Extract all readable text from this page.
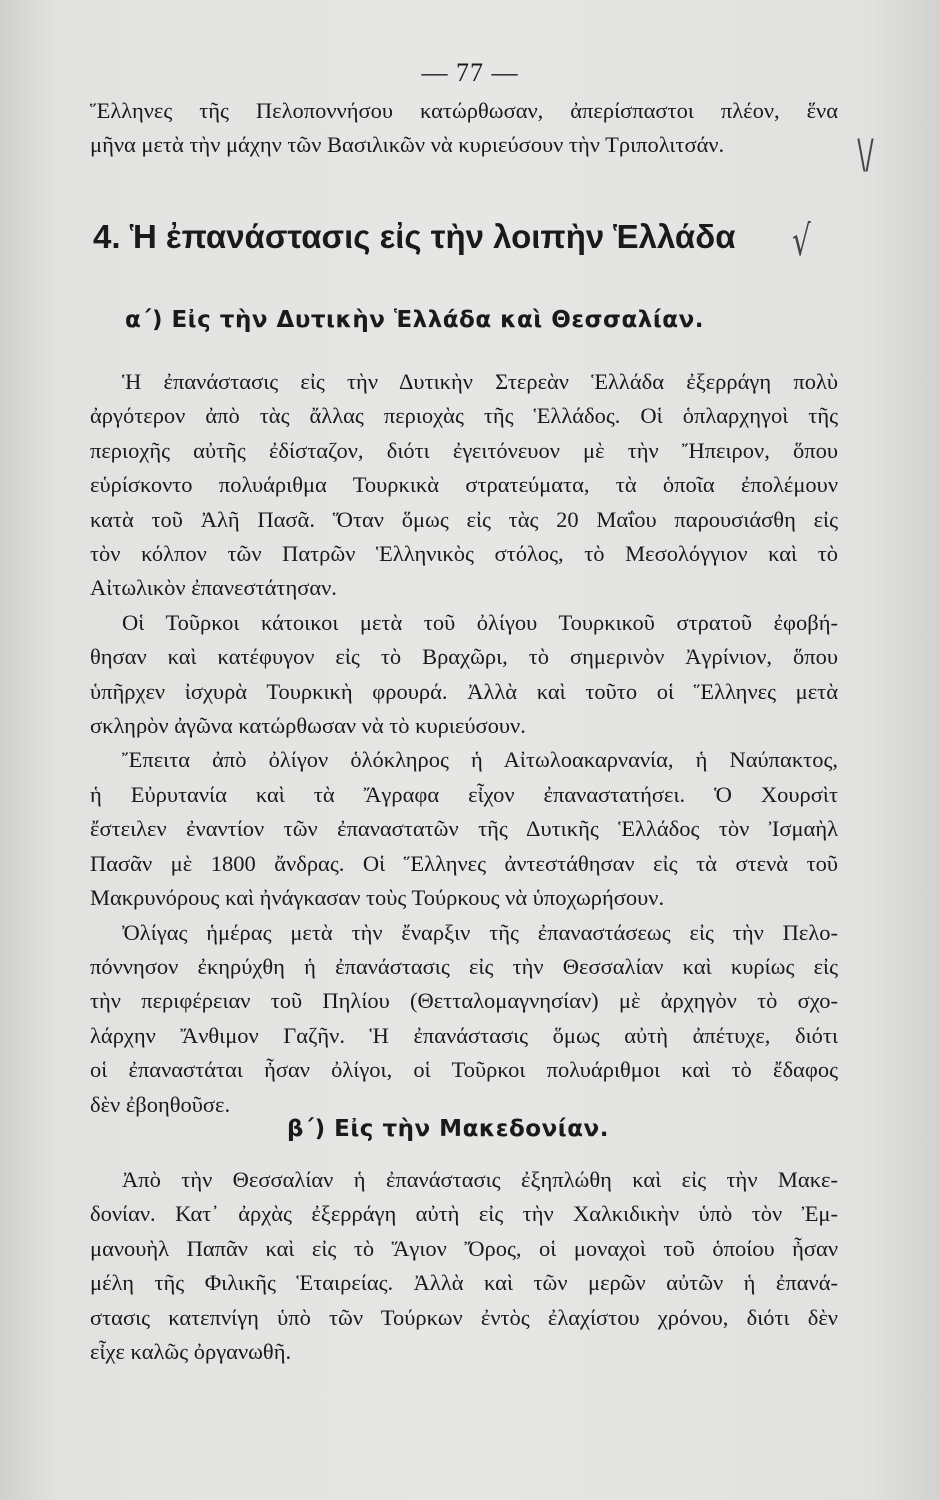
— 77 —

Ἕλληνες τῆς Πελοποννήσου κατώρθωσαν, ἀπερίσπαστοι πλέον, ἕνα
μῆνα μετὰ τὴν μάχην τῶν Βασιλικῶν νὰ κυριεύσουν τὴν Τριπολιτσάν.	\/
4. Ἡ ἐπανάστασις εἰς τὴν λοιπὴν Ἑλλάδα √
α΄) Εἰς τὴν Δυτικὴν Ἑλλάδα καὶ Θεσσαλίαν.

Ἡ ἐπανάστασις εἰς τὴν Δυτικὴν Στερεὰν Ἑλλάδα ἐξερράγη πολὺ
ἀργότερον ἀπὸ τὰς ἄλλας περιοχὰς τῆς Ἑλλάδος. Οἱ ὁπλαρχηγοὶ τῆς
περιοχῆς αὐτῆς ἐδίσταζον, διότι ἐγειτόνευον μὲ τὴν Ἤπειρον, ὅπου
εὑρίσκοντο πολυάριθμα Τουρκικὰ στρατεύματα, τὰ ὁποῖα ἐπολέμουν
κατὰ τοῦ Ἀλῆ Πασᾶ. Ὅταν ὅμως εἰς τὰς 20 Μαΐου παρουσιάσθη εἰς
τὸν κόλπον τῶν Πατρῶν Ἑλληνικὸς στόλος, τὸ Μεσολόγγιον καὶ τὸ
Αἰτωλικὸν ἐπανεστάτησαν.
Οἱ Τοῦρκοι κάτοικοι μετὰ τοῦ ὀλίγου Τουρκικοῦ στρατοῦ ἐφοβή-
θησαν καὶ κατέφυγον εἰς τὸ Βραχῶρι, τὸ σημερινὸν Ἀγρίνιον, ὅπου
ὑπῆρχεν ἰσχυρὰ Τουρκικὴ φρουρά. Ἀλλὰ καὶ τοῦτο οἱ Ἕλληνες μετὰ
σκληρὸν ἀγῶνα κατώρθωσαν νὰ τὸ κυριεύσουν.
Ἔπειτα ἀπὸ ὀλίγον ὁλόκληρος ἡ Αἰτωλοακαρνανία, ἡ Ναύπακτος,
ἡ Εὐρυτανία καὶ τὰ Ἄγραφα εἶχον ἐπαναστατήσει. Ὁ Χουρσὶτ
ἔστειλεν ἐναντίον τῶν ἐπαναστατῶν τῆς Δυτικῆς Ἑλλάδος τὸν Ἰσμαὴλ
Πασᾶν μὲ 1800 ἄνδρας. Οἱ Ἕλληνες ἀντεστάθησαν εἰς τὰ στενὰ τοῦ
Μακρυνόρους καὶ ἠνάγκασαν τοὺς Τούρκους νὰ ὑποχωρήσουν.
Ὀλίγας ἡμέρας μετὰ τὴν ἔναρξιν τῆς ἐπαναστάσεως εἰς τὴν Πελο-
πόννησον ἐκηρύχθη ἡ ἐπανάστασις εἰς τὴν Θεσσαλίαν καὶ κυρίως εἰς
τὴν περιφέρειαν τοῦ Πηλίου (Θετταλομαγνησίαν) μὲ ἀρχηγὸν τὸ σχο-
λάρχην Ἄνθιμον Γαζῆν. Ἡ ἐπανάστασις ὅμως αὐτὴ ἀπέτυχε, διότι
οἱ ἐπαναστάται ἦσαν ὀλίγοι, οἱ Τοῦρκοι πολυάριθμοι καὶ τὸ ἔδαφος
δὲν ἐβοηθοῦσε.

β΄) Εἰς τὴν Μακεδονίαν.

Ἀπὸ τὴν Θεσσαλίαν ἡ ἐπανάστασις ἐξηπλώθη καὶ εἰς τὴν Μακε-
δονίαν. Κατ᾽ ἀρχὰς ἐξερράγη αὐτὴ εἰς τὴν Χαλκιδικὴν ὑπὸ τὸν Ἐμ-
μανουὴλ Παπᾶν καὶ εἰς τὸ Ἅγιον Ὄρος, οἱ μοναχοὶ τοῦ ὁποίου ἦσαν
μέλη τῆς Φιλικῆς Ἑταιρείας. Ἀλλὰ καὶ τῶν μερῶν αὐτῶν ἡ ἐπανά-
στασις κατεπνίγη ὑπὸ τῶν Τούρκων ἐντὸς ἐλαχίστου χρόνου, διότι δὲν
εἶχε καλῶς ὀργανωθῆ.
